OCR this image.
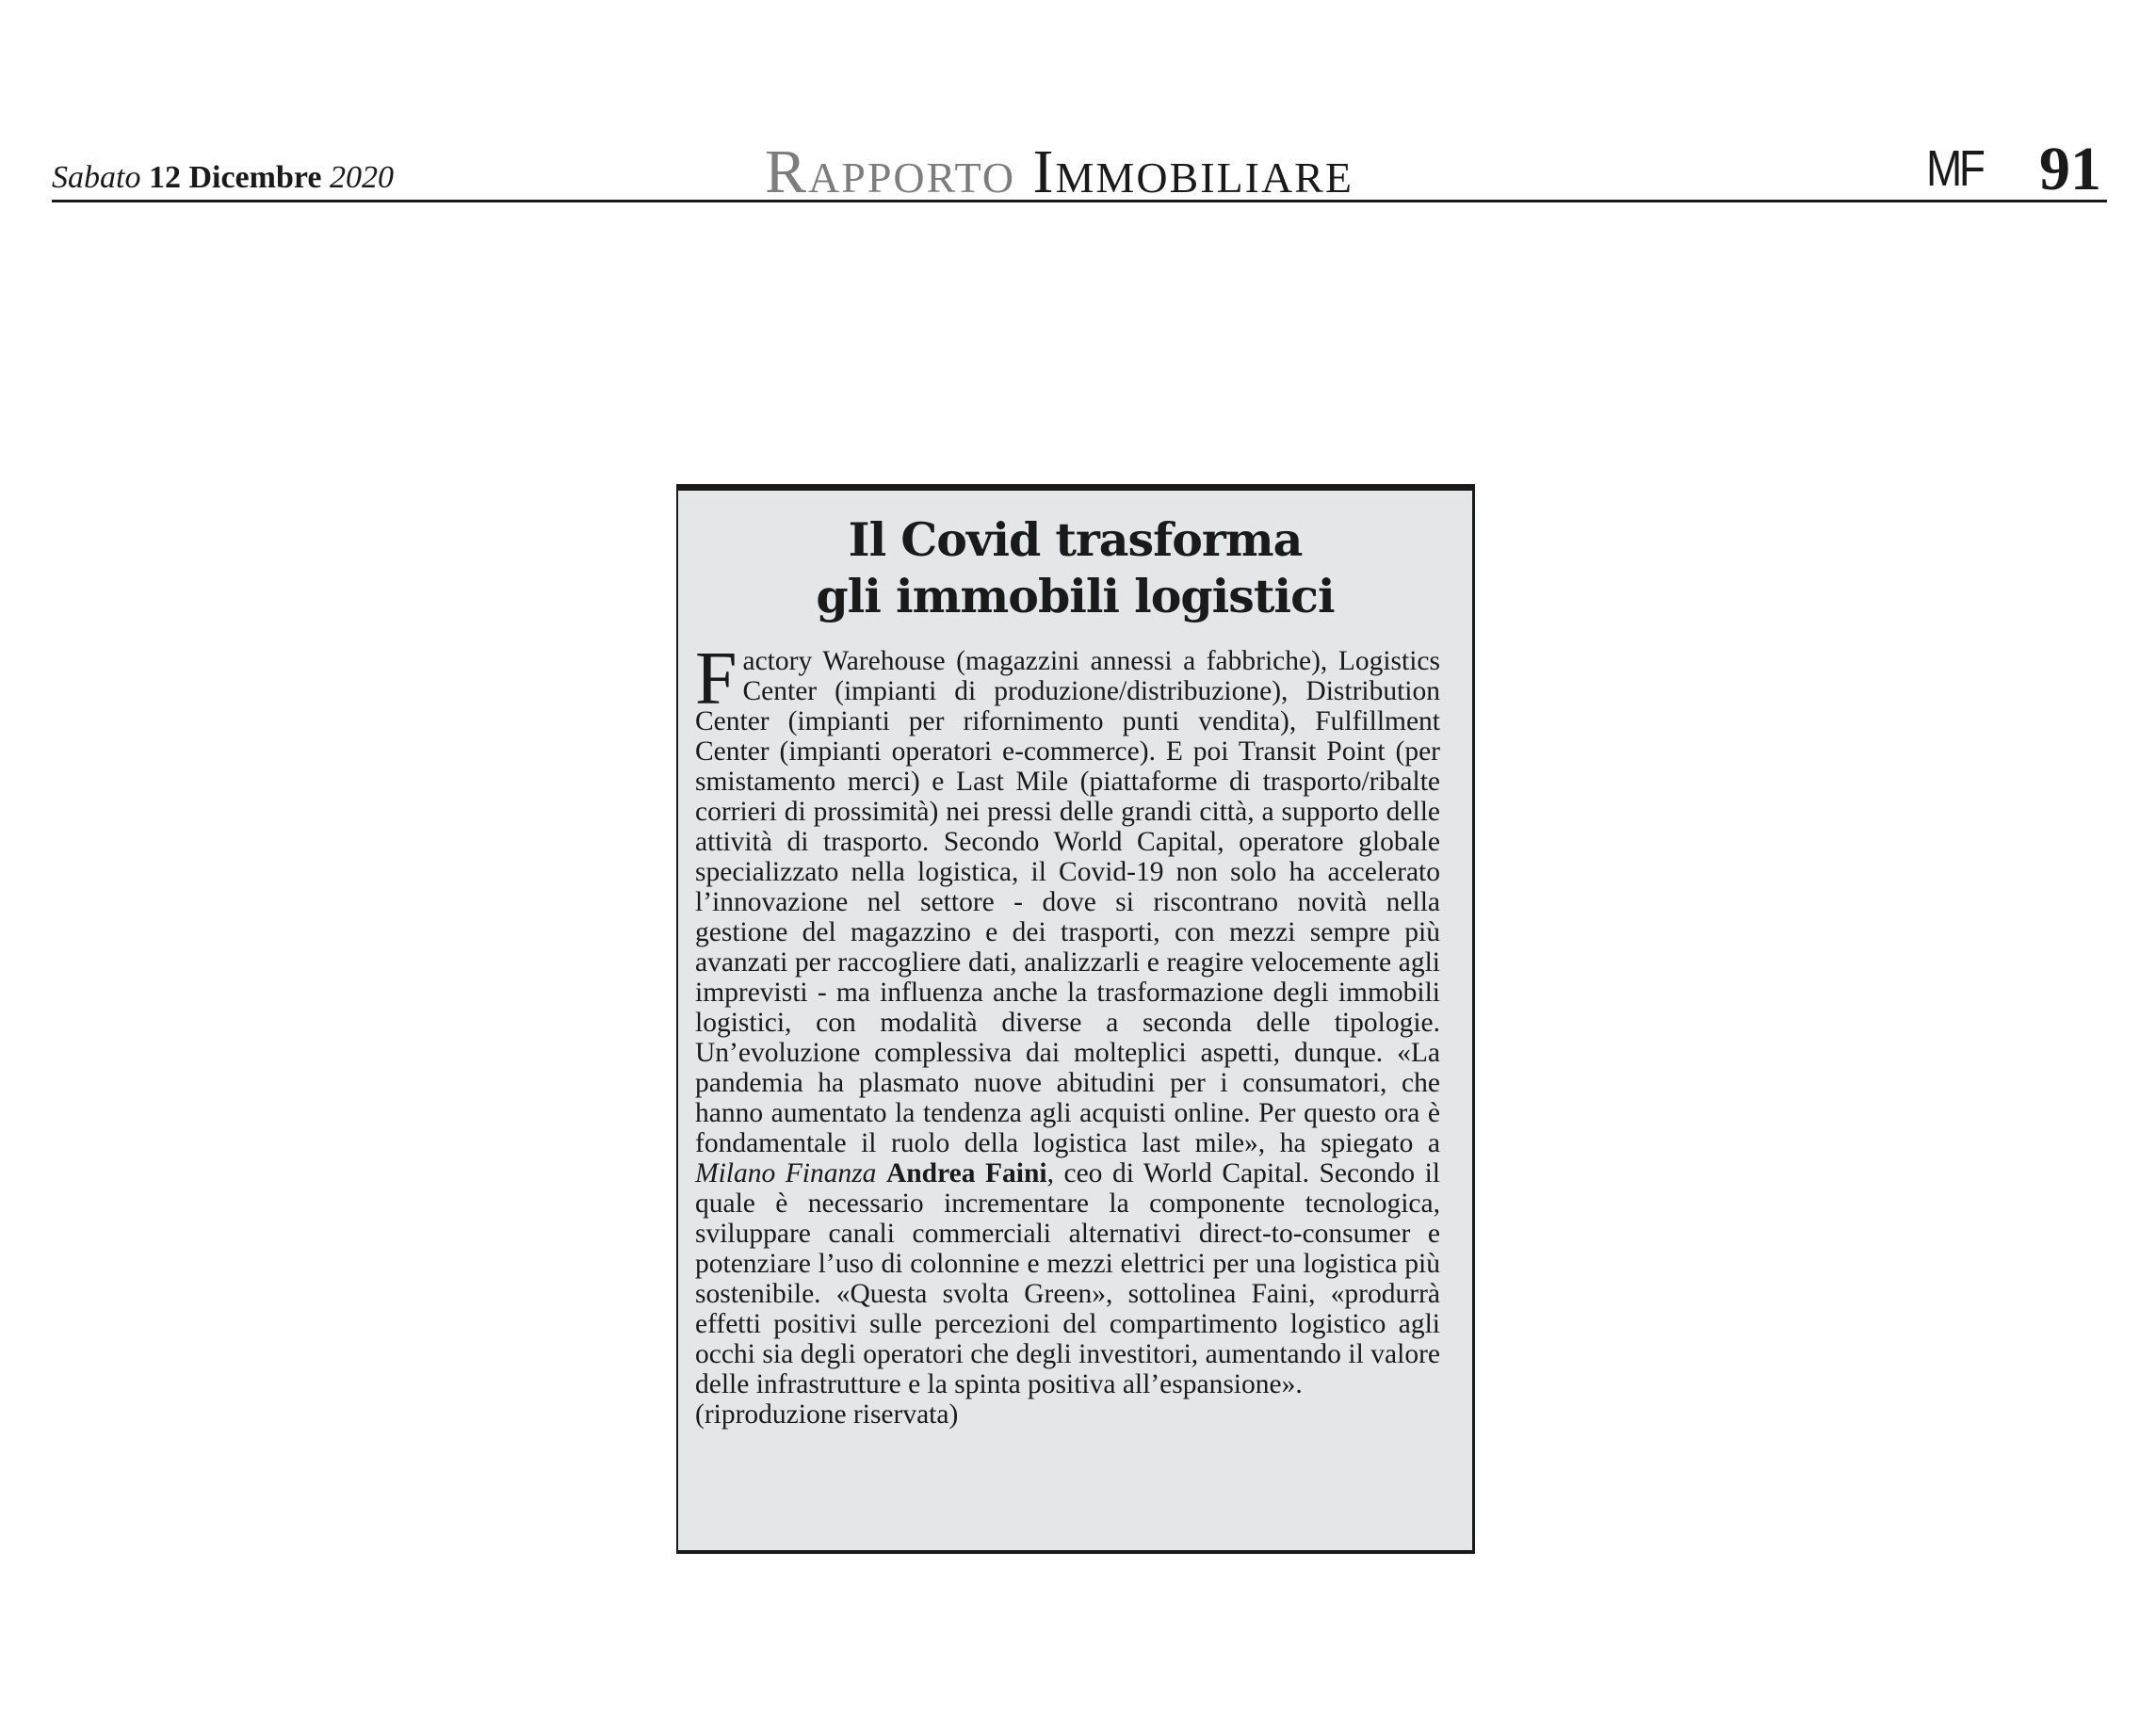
Sabato 12 Dicembre 2020	Rapporto Immobiliare	MF 91
Il Covid trasforma
gli immobili logistici

Factory Warehouse (magazzini annessi a fabbriche), Logistics Center (impianti di produzione/distribuzione), Distribution Center (impianti per rifornimento punti vendita), Fulfillment Center (impianti operatori e-commerce). E poi Transit Point (per smistamento merci) e Last Mile (piattaforme di trasporto/ribalte corrieri di prossimità) nei pressi delle grandi città, a supporto delle attività di trasporto. Secondo World Capital, operatore globale specializzato nella logistica, il Covid-19 non solo ha accelerato l’innovazione nel settore - dove si riscontrano novità nella gestione del magazzino e dei trasporti, con mezzi sempre più avanzati per raccogliere dati, analizzarli e reagire velocemente agli imprevisti - ma influenza anche la trasformazione degli immobili logistici, con modalità diverse a seconda delle tipologie. Un’evoluzione complessiva dai molteplici aspetti, dunque. «La pandemia ha plasmato nuove abitudini per i consumatori, che hanno aumentato la tendenza agli acquisti online. Per questo ora è fondamentale il ruolo della logistica last mile», ha spiegato a Milano Finanza Andrea Faini, ceo di World Capital. Secondo il quale è necessario incrementare la componente tecnologica, sviluppare canali commerciali alternativi direct-to-consumer e potenziare l’uso di colonnine e mezzi elettrici per una logistica più sostenibile. «Questa svolta Green», sottolinea Faini, «produrrà effetti positivi sulle percezioni del compartimento logistico agli occhi sia degli operatori che degli investitori, aumentando il valore delle infrastrutture e la spinta positiva all’espansione».
(riproduzione riservata)
